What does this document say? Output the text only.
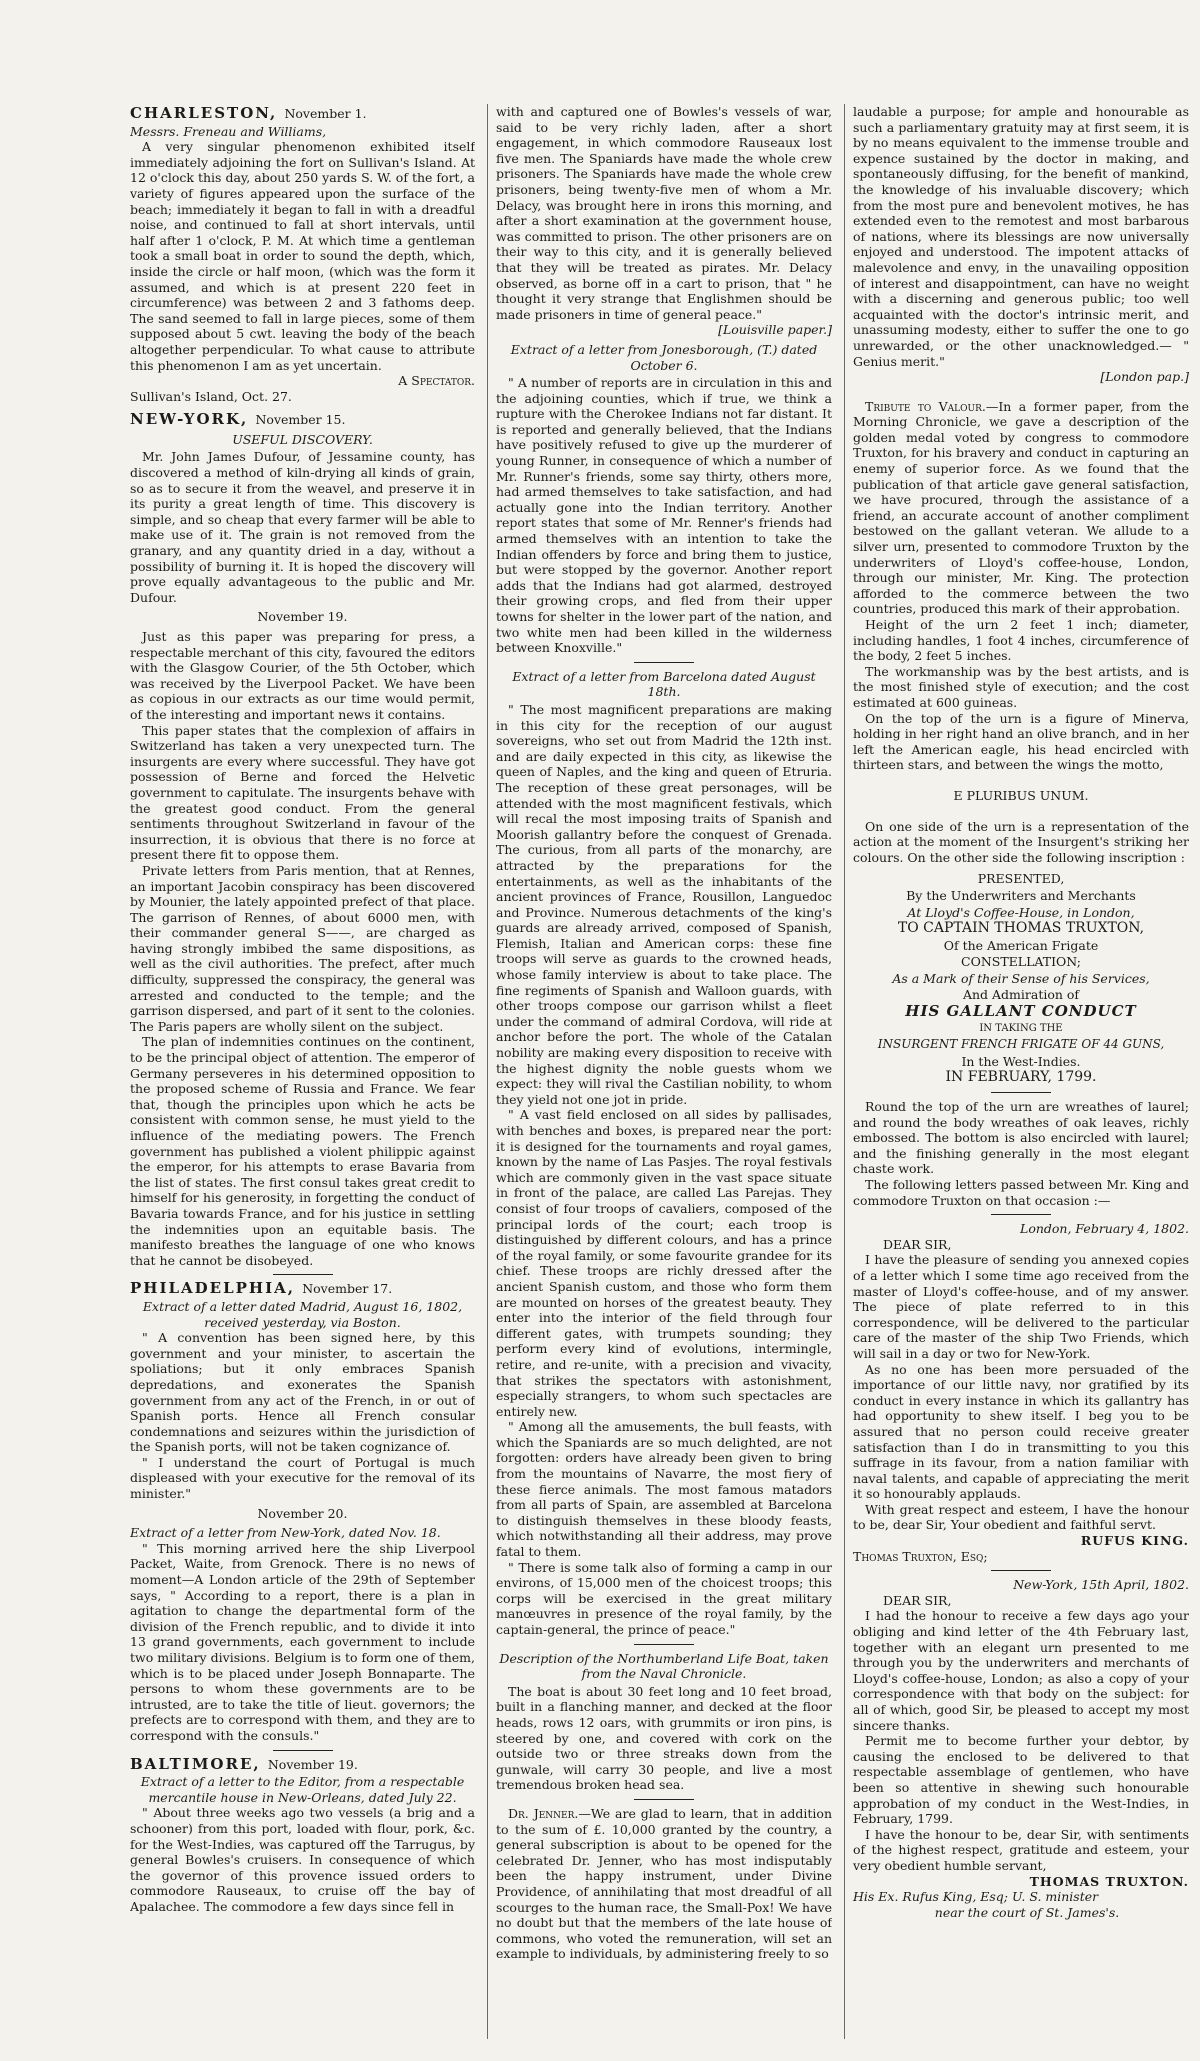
CHARLESTON, November 1.

Messrs. Freneau and Williams,

A very singular phenomenon exhibited itself immediately adjoining the fort on Sullivan's Island. At 12 o'clock this day, about 250 yards S. W. of the fort, a variety of figures appeared upon the surface of the beach; immediately it began to fall in with a dreadful noise, and continued to fall at short intervals, until half after 1 o'clock, P. M. At which time a gentleman took a small boat in order to sound the depth, which, inside the circle or half moon, (which was the form it assumed, and which is at present 220 feet in circumference) was between 2 and 3 fathoms deep. The sand seemed to fall in large pieces, some of them supposed about 5 cwt. leaving the body of the beach altogether perpendicular. To what cause to attribute this phenomenon I am as yet uncertain.

A Spectator.

Sullivan's Island, Oct. 27.

NEW-YORK, November 15.
USEFUL DISCOVERY.

Mr. John James Dufour, of Jessamine county, has discovered a method of kiln-drying all kinds of grain, so as to secure it from the weavel, and preserve it in its purity a great length of time. This discovery is simple, and so cheap that every farmer will be able to make use of it. The grain is not removed from the granary, and any quantity dried in a day, without a possibility of burning it. It is hoped the discovery will prove equally advantageous to the public and Mr. Dufour.

November 19.

Just as this paper was preparing for press, a respectable merchant of this city, favoured the editors with the Glasgow Courier, of the 5th October, which was received by the Liverpool Packet. We have been as copious in our extracts as our time would permit, of the interesting and important news it contains.

This paper states that the complexion of affairs in Switzerland has taken a very unexpected turn. The insurgents are every where successful. They have got possession of Berne and forced the Helvetic government to capitulate. The insurgents behave with the greatest good conduct. From the general sentiments throughout Switzerland in favour of the insurrection, it is obvious that there is no force at present there fit to oppose them.

Private letters from Paris mention, that at Rennes, an important Jacobin conspiracy has been discovered by Mounier, the lately appointed prefect of that place. The garrison of Rennes, of about 6000 men, with their commander general S——, are charged as having strongly imbibed the same dispositions, as well as the civil authorities. The prefect, after much difficulty, suppressed the conspiracy, the general was arrested and conducted to the temple; and the garrison dispersed, and part of it sent to the colonies. The Paris papers are wholly silent on the subject.

The plan of indemnities continues on the continent, to be the principal object of attention. The emperor of Germany perseveres in his determined opposition to the proposed scheme of Russia and France. We fear that, though the principles upon which he acts be consistent with common sense, he must yield to the influence of the mediating powers. The French government has published a violent philippic against the emperor, for his attempts to erase Bavaria from the list of states. The first consul takes great credit to himself for his generosity, in forgetting the conduct of Bavaria towards France, and for his justice in settling the indemnities upon an equitable basis. The manifesto breathes the language of one who knows that he cannot be disobeyed.

PHILADELPHIA, November 17.

Extract of a letter dated Madrid, August 16, 1802, received yesterday, via Boston.

" A convention has been signed here, by this government and your minister, to ascertain the spoliations; but it only embraces Spanish depredations, and exonerates the Spanish government from any act of the French, in or out of Spanish ports. Hence all French consular condemnations and seizures within the jurisdiction of the Spanish ports, will not be taken cognizance of.

" I understand the court of Portugal is much displeased with your executive for the removal of its minister."

November 20.

Extract of a letter from New-York, dated Nov. 18.

" This morning arrived here the ship Liverpool Packet, Waite, from Grenock. There is no news of moment—A London article of the 29th of September says, " According to a report, there is a plan in agitation to change the departmental form of the division of the French republic, and to divide it into 13 grand governments, each government to include two military divisions. Belgium is to form one of them, which is to be placed under Joseph Bonnaparte. The persons to whom these governments are to be intrusted, are to take the title of lieut. governors; the prefects are to correspond with them, and they are to correspond with the consuls."

BALTIMORE, November 19.

Extract of a letter to the Editor, from a respectable mercantile house in New-Orleans, dated July 22.

" About three weeks ago two vessels (a brig and a schooner) from this port, loaded with flour, pork, &c. for the West-Indies, was captured off the Tarrugus, by general Bowles's cruisers. In consequence of which the governor of this provence issued orders to commodore Rauseaux, to cruise off the bay of Apalachee. The commodore a few days since fell in

with and captured one of Bowles's vessels of war, said to be very richly laden, after a short engagement, in which commodore Rauseaux lost five men. The Spaniards have made the whole crew prisoners. The Spaniards have made the whole crew prisoners, being twenty-five men of whom a Mr. Delacy, was brought here in irons this morning, and after a short examination at the government house, was committed to prison. The other prisoners are on their way to this city, and it is generally believed that they will be treated as pirates. Mr. Delacy observed, as borne off in a cart to prison, that " he thought it very strange that Englishmen should be made prisoners in time of general peace."

[Louisville paper.]

Extract of a letter from Jonesborough, (T.) dated October 6.

" A number of reports are in circulation in this and the adjoining counties, which if true, we think a rupture with the Cherokee Indians not far distant. It is reported and generally believed, that the Indians have positively refused to give up the murderer of young Runner, in consequence of which a number of Mr. Runner's friends, some say thirty, others more, had armed themselves to take satisfaction, and had actually gone into the Indian territory. Another report states that some of Mr. Renner's friends had armed themselves with an intention to take the Indian offenders by force and bring them to justice, but were stopped by the governor. Another report adds that the Indians had got alarmed, destroyed their growing crops, and fled from their upper towns for shelter in the lower part of the nation, and two white men had been killed in the wilderness between Knoxville."

Extract of a letter from Barcelona dated August 18th.

" The most magnificent preparations are making in this city for the reception of our august sovereigns, who set out from Madrid the 12th inst. and are daily expected in this city, as likewise the queen of Naples, and the king and queen of Etruria. The reception of these great personages, will be attended with the most magnificent festivals, which will recal the most imposing traits of Spanish and Moorish gallantry before the conquest of Grenada. The curious, from all parts of the monarchy, are attracted by the preparations for the entertainments, as well as the inhabitants of the ancient provinces of France, Rousillon, Languedoc and Province. Numerous detachments of the king's guards are already arrived, composed of Spanish, Flemish, Italian and American corps: these fine troops will serve as guards to the crowned heads, whose family interview is about to take place. The fine regiments of Spanish and Walloon guards, with other troops compose our garrison whilst a fleet under the command of admiral Cordova, will ride at anchor before the port. The whole of the Catalan nobility are making every disposition to receive with the highest dignity the noble guests whom we expect: they will rival the Castilian nobility, to whom they yield not one jot in pride.

" A vast field enclosed on all sides by pallisades, with benches and boxes, is prepared near the port: it is designed for the tournaments and royal games, known by the name of Las Pasjes. The royal festivals which are commonly given in the vast space situate in front of the palace, are called Las Parejas. They consist of four troops of cavaliers, composed of the principal lords of the court; each troop is distinguished by different colours, and has a prince of the royal family, or some favourite grandee for its chief. These troops are richly dressed after the ancient Spanish custom, and those who form them are mounted on horses of the greatest beauty. They enter into the interior of the field through four different gates, with trumpets sounding; they perform every kind of evolutions, intermingle, retire, and re-unite, with a precision and vivacity, that strikes the spectators with astonishment, especially strangers, to whom such spectacles are entirely new.

" Among all the amusements, the bull feasts, with which the Spaniards are so much delighted, are not forgotten: orders have already been given to bring from the mountains of Navarre, the most fiery of these fierce animals. The most famous matadors from all parts of Spain, are assembled at Barcelona to distinguish themselves in these bloody feasts, which notwithstanding all their address, may prove fatal to them.

" There is some talk also of forming a camp in our environs, of 15,000 men of the choicest troops; this corps will be exercised in the great military manœuvres in presence of the royal family, by the captain-general, the prince of peace."

Description of the Northumberland Life Boat, taken from the Naval Chronicle.

The boat is about 30 feet long and 10 feet broad, built in a flanching manner, and decked at the floor heads, rows 12 oars, with grummits or iron pins, is steered by one, and covered with cork on the outside two or three streaks down from the gunwale, will carry 30 people, and live a most tremendous broken head sea.

Dr. Jenner.—We are glad to learn, that in addition to the sum of £. 10,000 granted by the country, a general subscription is about to be opened for the celebrated Dr. Jenner, who has most indisputably been the happy instrument, under Divine Providence, of annihilating that most dreadful of all scourges to the human race, the Small-Pox! We have no doubt but that the members of the late house of commons, who voted the remuneration, will set an example to individuals, by administering freely to so

laudable a purpose; for ample and honourable as such a parliamentary gratuity may at first seem, it is by no means equivalent to the immense trouble and expence sustained by the doctor in making, and spontaneously diffusing, for the benefit of mankind, the knowledge of his invaluable discovery; which from the most pure and benevolent motives, he has extended even to the remotest and most barbarous of nations, where its blessings are now universally enjoyed and understood. The impotent attacks of malevolence and envy, in the unavailing opposition of interest and disappointment, can have no weight with a discerning and generous public; too well acquainted with the doctor's intrinsic merit, and unassuming modesty, either to suffer the one to go unrewarded, or the other unacknowledged.— " Genius merit."

[London pap.]

Tribute to Valour.—In a former paper, from the Morning Chronicle, we gave a description of the golden medal voted by congress to commodore Truxton, for his bravery and conduct in capturing an enemy of superior force. As we found that the publication of that article gave general satisfaction, we have procured, through the assistance of a friend, an accurate account of another compliment bestowed on the gallant veteran. We allude to a silver urn, presented to commodore Truxton by the underwriters of Lloyd's coffee-house, London, through our minister, Mr. King. The protection afforded to the commerce between the two countries, produced this mark of their approbation.

Height of the urn 2 feet 1 inch; diameter, including handles, 1 foot 4 inches, circumference of the body, 2 feet 5 inches.

The workmanship was by the best artists, and is the most finished style of execution; and the cost estimated at 600 guineas.

On the top of the urn is a figure of Minerva, holding in her right hand an olive branch, and in her left the American eagle, his head encircled with thirteen stars, and between the wings the motto,

E PLURIBUS UNUM.

On one side of the urn is a representation of the action at the moment of the Insurgent's striking her colours. On the other side the following inscription :

PRESENTED,

By the Underwriters and Merchants

At Lloyd's Coffee-House, in London,

TO CAPTAIN THOMAS TRUXTON,

Of the American Frigate

CONSTELLATION;

As a Mark of their Sense of his Services,

And Admiration of

HIS GALLANT CONDUCT

IN TAKING THE

INSURGENT FRENCH FRIGATE OF 44 GUNS,

In the West-Indies.

IN FEBRUARY, 1799.

Round the top of the urn are wreathes of laurel; and round the body wreathes of oak leaves, richly embossed. The bottom is also encircled with laurel; and the finishing generally in the most elegant chaste work.

The following letters passed between Mr. King and commodore Truxton on that occasion :—

London, February 4, 1802.

DEAR SIR,

I have the pleasure of sending you annexed copies of a letter which I some time ago received from the master of Lloyd's coffee-house, and of my answer. The piece of plate referred to in this correspondence, will be delivered to the particular care of the master of the ship Two Friends, which will sail in a day or two for New-York.

As no one has been more persuaded of the importance of our little navy, nor gratified by its conduct in every instance in which its gallantry has had opportunity to shew itself. I beg you to be assured that no person could receive greater satisfaction than I do in transmitting to you this suffrage in its favour, from a nation familiar with naval talents, and capable of appreciating the merit it so honourably applauds.

With great respect and esteem, I have the honour to be, dear Sir, Your obedient and faithful servt.

RUFUS KING.

Thomas Truxton, Esq;

New-York, 15th April, 1802.

DEAR SIR,

I had the honour to receive a few days ago your obliging and kind letter of the 4th February last, together with an elegant urn presented to me through you by the underwriters and merchants of Lloyd's coffee-house, London; as also a copy of your correspondence with that body on the subject: for all of which, good Sir, be pleased to accept my most sincere thanks.

Permit me to become further your debtor, by causing the enclosed to be delivered to that respectable assemblage of gentlemen, who have been so attentive in shewing such honourable approbation of my conduct in the West-Indies, in February, 1799.

I have the honour to be, dear Sir, with sentiments of the highest respect, gratitude and esteem, your very obedient humble servant,

THOMAS TRUXTON.

His Ex. Rufus King, Esq; U. S. minister

near the court of St. James's.
